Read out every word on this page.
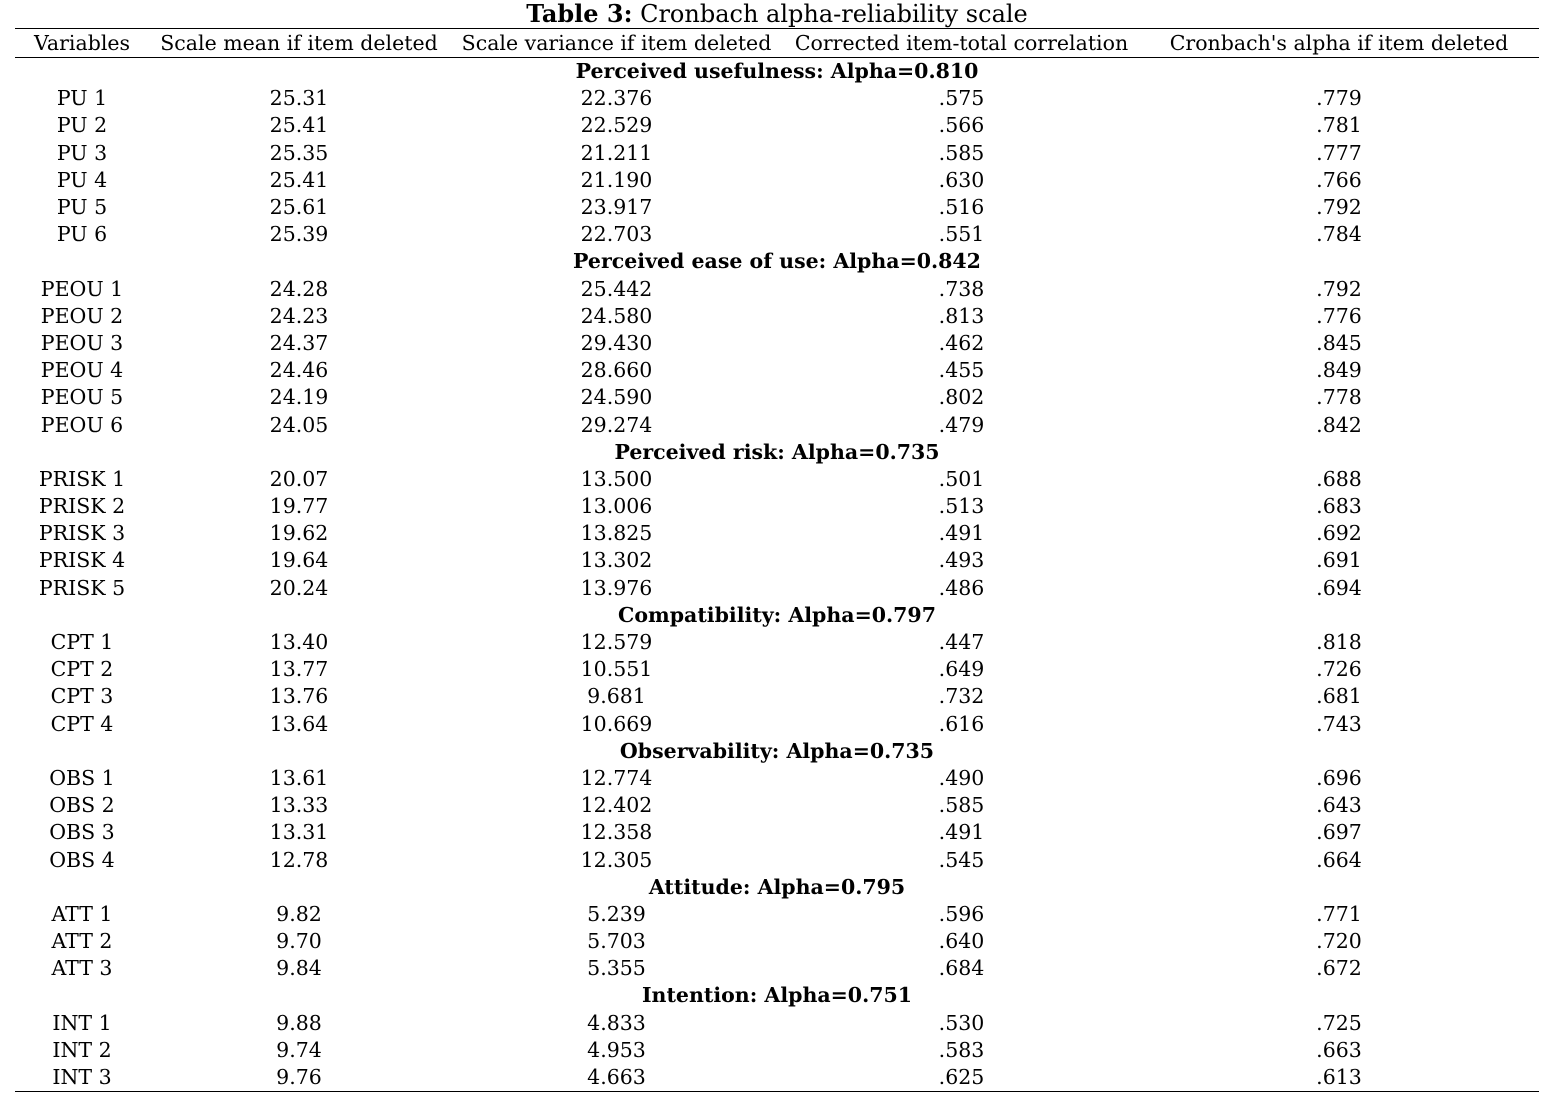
Table 3: Cronbach alpha-reliability scale
Variables	Scale mean if item deleted	Scale variance if item deleted	Corrected item-total correlation	Cronbach's alpha if item deleted
Perceived usefulness: Alpha=0.810				
PU 1	25.31	22.376	.575	.779
PU 2	25.41	22.529	.566	.781
PU 3	25.35	21.211	.585	.777
PU 4	25.41	21.190	.630	.766
PU 5	25.61	23.917	.516	.792
PU 6	25.39	22.703	.551	.784
Perceived ease of use: Alpha=0.842				
PEOU 1	24.28	25.442	.738	.792
PEOU 2	24.23	24.580	.813	.776
PEOU 3	24.37	29.430	.462	.845
PEOU 4	24.46	28.660	.455	.849
PEOU 5	24.19	24.590	.802	.778
PEOU 6	24.05	29.274	.479	.842
Perceived risk: Alpha=0.735				
PRISK 1	20.07	13.500	.501	.688
PRISK 2	19.77	13.006	.513	.683
PRISK 3	19.62	13.825	.491	.692
PRISK 4	19.64	13.302	.493	.691
PRISK 5	20.24	13.976	.486	.694
Compatibility: Alpha=0.797				
CPT 1	13.40	12.579	.447	.818
CPT 2	13.77	10.551	.649	.726
CPT 3	13.76	9.681	.732	.681
CPT 4	13.64	10.669	.616	.743
Observability: Alpha=0.735				
OBS 1	13.61	12.774	.490	.696
OBS 2	13.33	12.402	.585	.643
OBS 3	13.31	12.358	.491	.697
OBS 4	12.78	12.305	.545	.664
Attitude: Alpha=0.795				
ATT 1	9.82	5.239	.596	.771
ATT 2	9.70	5.703	.640	.720
ATT 3	9.84	5.355	.684	.672
Intention: Alpha=0.751				
INT 1	9.88	4.833	.530	.725
INT 2	9.74	4.953	.583	.663
INT 3	9.76	4.663	.625	.613
